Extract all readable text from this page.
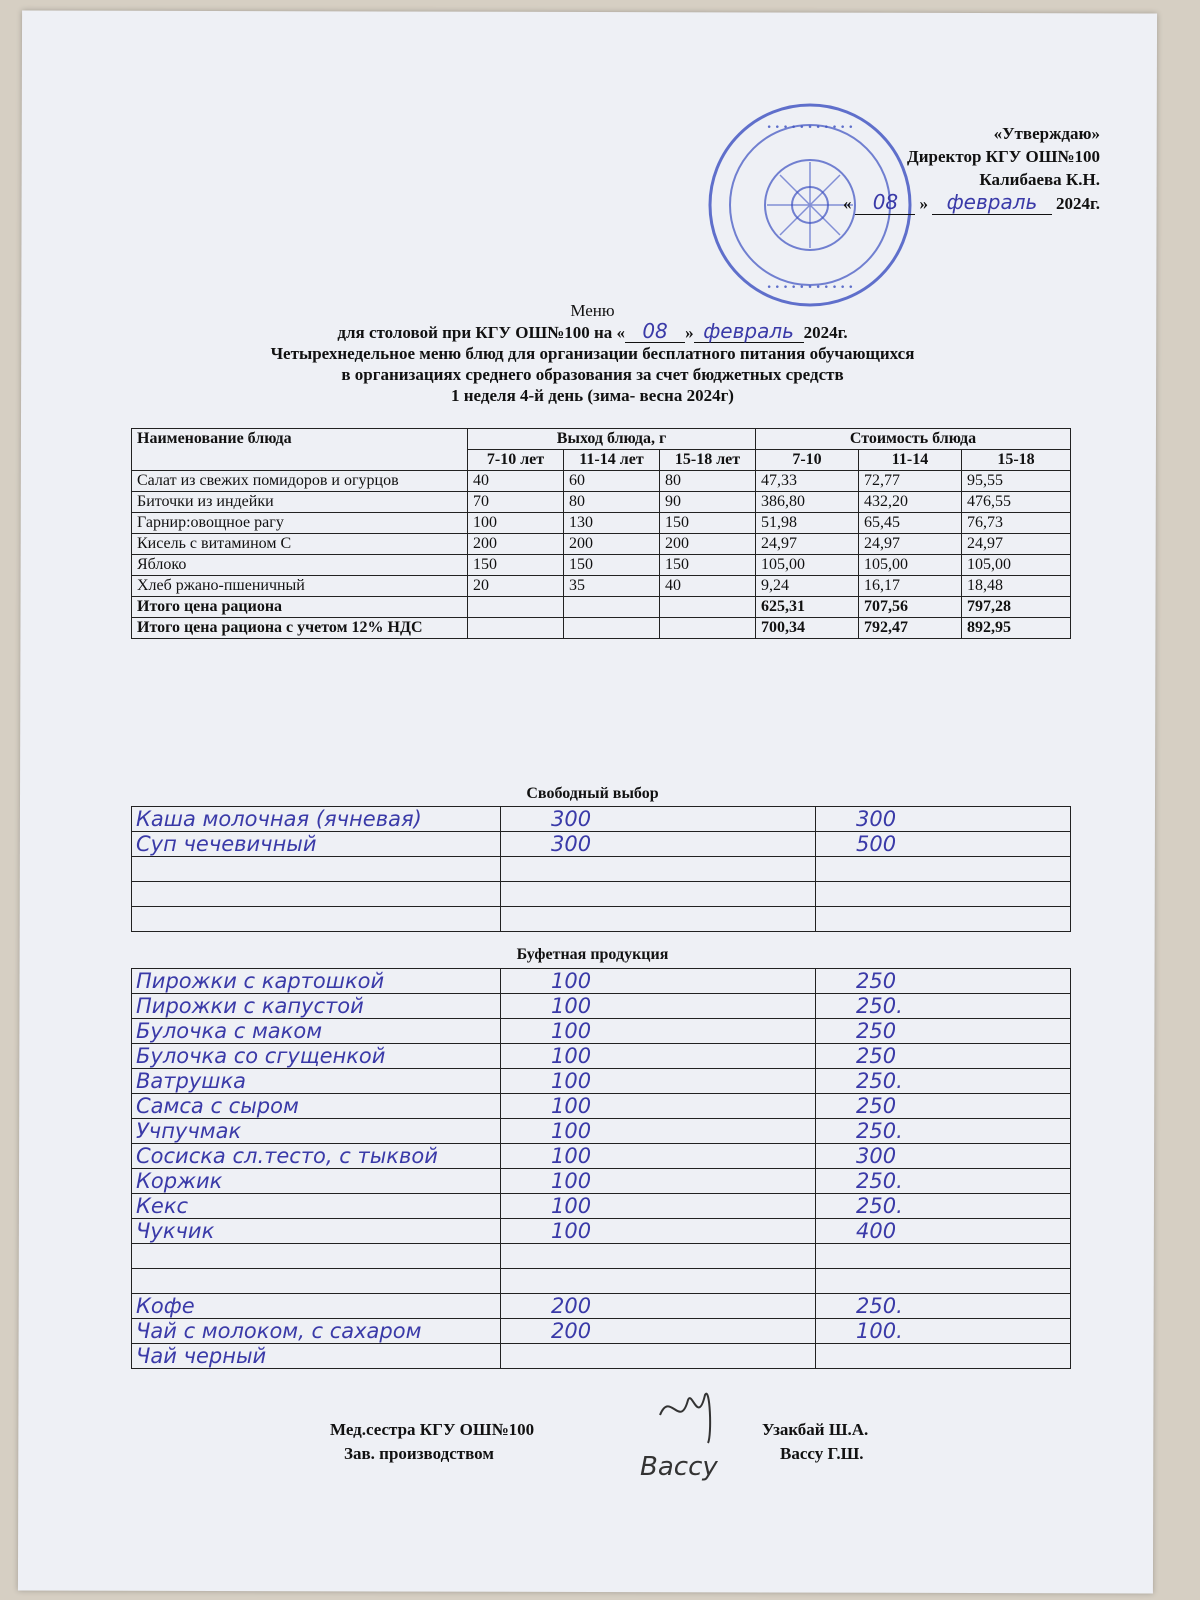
• • • • • • • • • • •
• • • • • • • • • • •
«Утверждаю»
Директор КГУ ОШ№100
Калибаева К.Н.
«	08	» февраль	2024г.
Меню
для столовой при КГУ ОШ№100 на « 08 » февраль 2024г.
Четырехнедельное меню блюд для организации бесплатного питания обучающихся
в организациях среднего образования за счет бюджетных средств
1 неделя 4-й день (зима- весна 2024г)
Наименование блюда	Выход блюда, г			Стоимость блюда		
	7-10 лет	11-14 лет	15-18 лет	7-10	11-14	15-18
Салат из свежих помидоров и огурцов	40	60	80	47,33	72,77	95,55
Биточки из индейки	70	80	90	386,80	432,20	476,55
Гарнир:овощное рагу	100	130	150	51,98	65,45	76,73
Кисель с витамином С	200	200	200	24,97	24,97	24,97
Яблоко	150	150	150	105,00	105,00	105,00
Хлеб ржано-пшеничный	20	35	40	9,24	16,17	18,48
Итого цена рациона				625,31	707,56	797,28
Итого цена рациона с учетом 12% НДС				700,34	792,47	892,95
Свободный выбор
Каша молочная (ячневая)	300	300
Суп чечевичный	300	500

Буфетная продукция
Пирожки с картошкой	100	250
Пирожки с капустой	100	250.
Булочка с маком	100	250
Булочка со сгущенкой	100	250
Ватрушка	100	250.
Самса с сыром	100	250
Учпучмак	100	250.
Сосиска сл.тесто, с тыквой	100	300
Коржик	100	250.
Кекс	100	250.
Чукчик	100	400

Кофе	200	250.
Чай с молоком, с сахаром	200	100.
Чай черный		
Мед.сестра КГУ ОШ№100
Зав. производством
Узакбай Ш.А.
Вассу Г.Ш.
Вассу
